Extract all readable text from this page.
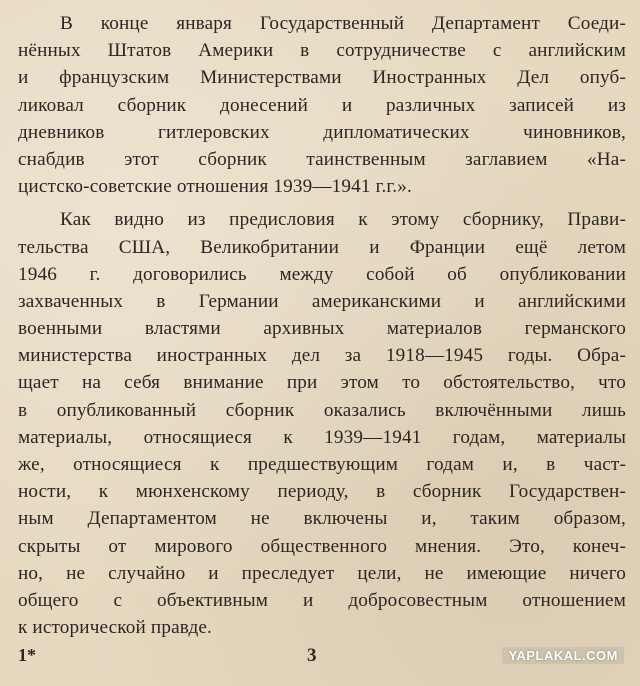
В конце января Государственный Департамент Соеди-
нённых Штатов Америки в сотрудничестве с английским
и французским Министерствами Иностранных Дел опуб-
ликовал сборник донесений и различных записей из
дневников гитлеровских дипломатических чиновников,
снабдив этот сборник таинственным заглавием «На-
цистско-советские отношения 1939—1941 г.г.».
Как видно из предисловия к этому сборнику, Прави-
тельства США, Великобритании и Франции ещё летом
1946 г. договорились между собой об опубликовании
захваченных в Германии американскими и английскими
военными властями архивных материалов германского
министерства иностранных дел за 1918—1945 годы. Обра-
щает на себя внимание при этом то обстоятельство, что
в опубликованный сборник оказались включёнными лишь
материалы, относящиеся к 1939—1941 годам, материалы
же, относящиеся к предшествующим годам и, в част-
ности, к мюнхенскому периоду, в сборник Государствен-
ным Департаментом не включены и, таким образом,
скрыты от мирового общественного мнения. Это, конеч-
но, не случайно и преследует цели, не имеющие ничего
общего с объективным и добросовестным отношением
к исторической правде.
1*	3	YAPLAKAL.COM
